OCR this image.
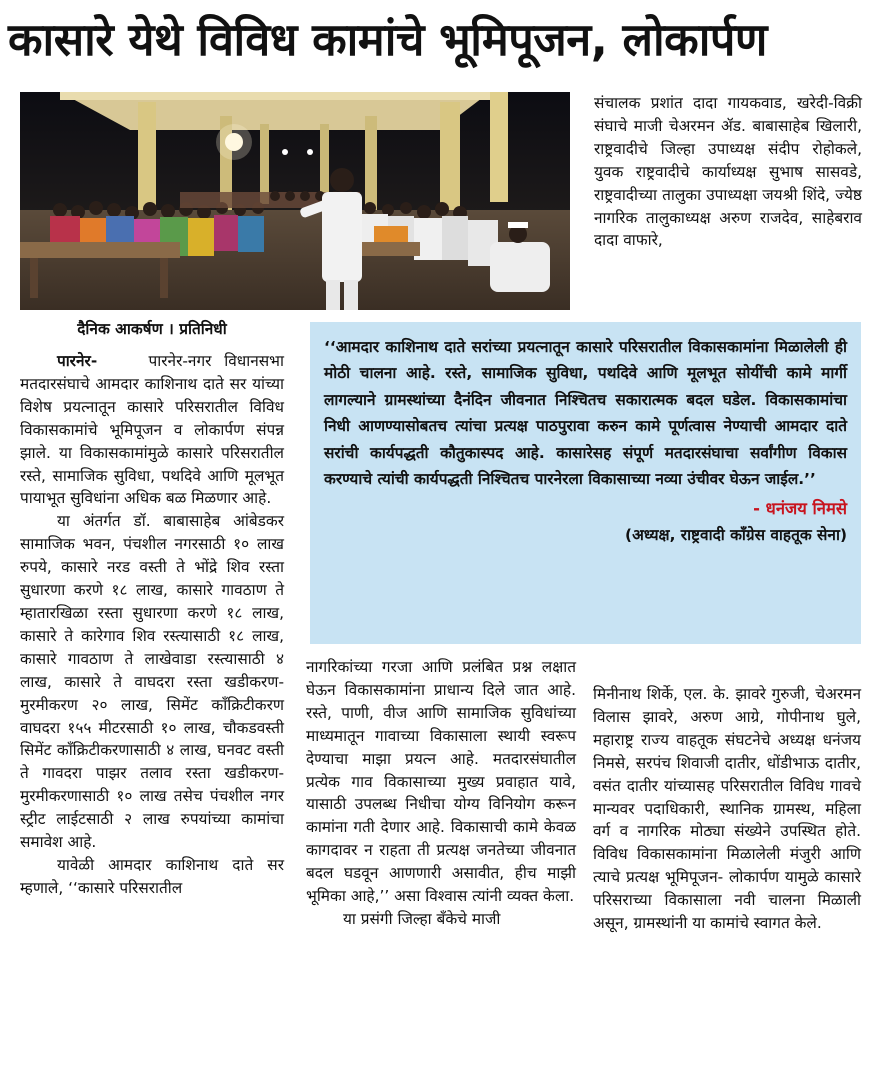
कासारे येथे विविध कामांचे भूमिपूजन, लोकार्पण

संचालक प्रशांत दादा गायकवाड, खरेदी-विक्री संघाचे माजी चेअरमन ॲड. बाबासाहेब खिलारी, राष्ट्रवादीचे जिल्हा उपाध्यक्ष संदीप रोहोकले, युवक राष्ट्रवादीचे कार्याध्यक्ष सुभाष सासवडे, राष्ट्रवादीच्या तालुका उपाध्यक्षा जयश्री शिंदे, ज्येष्ठ नागरिक तालुकाध्यक्ष अरुण राजदेव, साहेबराव दादा वाफारे,

दैनिक आकर्षण । प्रतिनिधी

पारनेर-	पारनेर-नगर विधानसभा मतदारसंघाचे आमदार काशिनाथ दाते सर यांच्या विशेष प्रयत्नातून कासारे परिसरातील विविध विकासकामांचे भूमिपूजन व लोकार्पण संपन्न झाले. या विकासकामांमुळे कासारे परिसरातील रस्ते, सामाजिक सुविधा, पथदिवे आणि मूलभूत पायाभूत सुविधांना अधिक बळ मिळणार आहे.

या अंतर्गत डॉ. बाबासाहेब आंबेडकर सामाजिक भवन, पंचशील नगरसाठी १० लाख रुपये, कासारे नरड वस्ती ते भोंद्रे शिव रस्ता सुधारणा करणे १८ लाख, कासारे गावठाण ते म्हातारखिळा रस्ता सुधारणा करणे १८ लाख, कासारे ते कारेगाव शिव रस्त्यासाठी १८ लाख, कासारे गावठाण ते लाखेवाडा रस्त्यासाठी ४ लाख, कासारे ते वाघदरा रस्ता खडीकरण- मुरमीकरण २० लाख, सिमेंट काँक्रिटीकरण वाघदरा १५५ मीटरसाठी १० लाख, चौकडवस्ती सिमेंट काँक्रिटीकरणासाठी ४ लाख, घनवट वस्ती ते गावदरा पाझर तलाव रस्ता खडीकरण-मुरमीकरणासाठी १० लाख तसेच पंचशील नगर स्ट्रीट लाईटसाठी २ लाख रुपयांच्या कामांचा समावेश आहे.

यावेळी आमदार काशिनाथ दाते सर म्हणाले, ‘‘कासारे परिसरातील

‘‘आमदार काशिनाथ दाते सरांच्या प्रयत्नातून कासारे परिसरातील विकासकामांना मिळालेली ही मोठी चालना आहे. रस्ते, सामाजिक सुविधा, पथदिवे आणि मूलभूत सोयींची कामे मार्गी लागल्याने ग्रामस्थांच्या दैनंदिन जीवनात निश्चितच सकारात्मक बदल घडेल. विकासकामांचा निधी आणण्यासोबतच त्यांचा प्रत्यक्ष पाठपुरावा करुन कामे पूर्णत्वास नेण्याची आमदार दाते सरांची कार्यपद्धती कौतुकास्पद आहे. कासारेसह संपूर्ण मतदारसंघाचा सर्वांगीण विकास करण्याचे त्यांची कार्यपद्धती निश्चितच पारनेरला विकासाच्या नव्या उंचीवर घेऊन जाईल.’’
- धनंजय निमसे
(अध्यक्ष, राष्ट्रवादी काँग्रेस वाहतूक सेना)

नागरिकांच्या गरजा आणि प्रलंबित प्रश्न लक्षात घेऊन विकासकामांना प्राधान्य दिले जात आहे. रस्ते, पाणी, वीज आणि सामाजिक सुविधांच्या माध्यमातून गावाच्या विकासाला स्थायी स्वरूप देण्याचा माझा प्रयत्न आहे. मतदारसंघातील प्रत्येक गाव विकासाच्या मुख्य प्रवाहात यावे, यासाठी उपलब्ध निधीचा योग्य विनियोग करून कामांना गती देणार आहे. विकासाची कामे केवळ कागदावर न राहता ती प्रत्यक्ष जनतेच्या जीवनात बदल घडवून आणणारी असावीत, हीच माझी भूमिका आहे,’’ असा विश्वास त्यांनी व्यक्त केला.

या प्रसंगी जिल्हा बँकेचे माजी

मिनीनाथ शिर्के, एल. के. झावरे गुरुजी, चेअरमन विलास झावरे, अरुण आग्रे, गोपीनाथ घुले, महाराष्ट्र राज्य वाहतूक संघटनेचे अध्यक्ष धनंजय निमसे, सरपंच शिवाजी दातीर, धोंडीभाऊ दातीर, वसंत दातीर यांच्यासह परिसरातील विविध गावचे मान्यवर पदाधिकारी, स्थानिक ग्रामस्थ, महिला वर्ग व नागरिक मोठ्या संख्येने उपस्थित होते. विविध विकासकामांना मिळालेली मंजुरी आणि त्याचे प्रत्यक्ष भूमिपूजन- लोकार्पण यामुळे कासारे परिसराच्या विकासाला नवी चालना मिळाली असून, ग्रामस्थांनी या कामांचे स्वागत केले.
